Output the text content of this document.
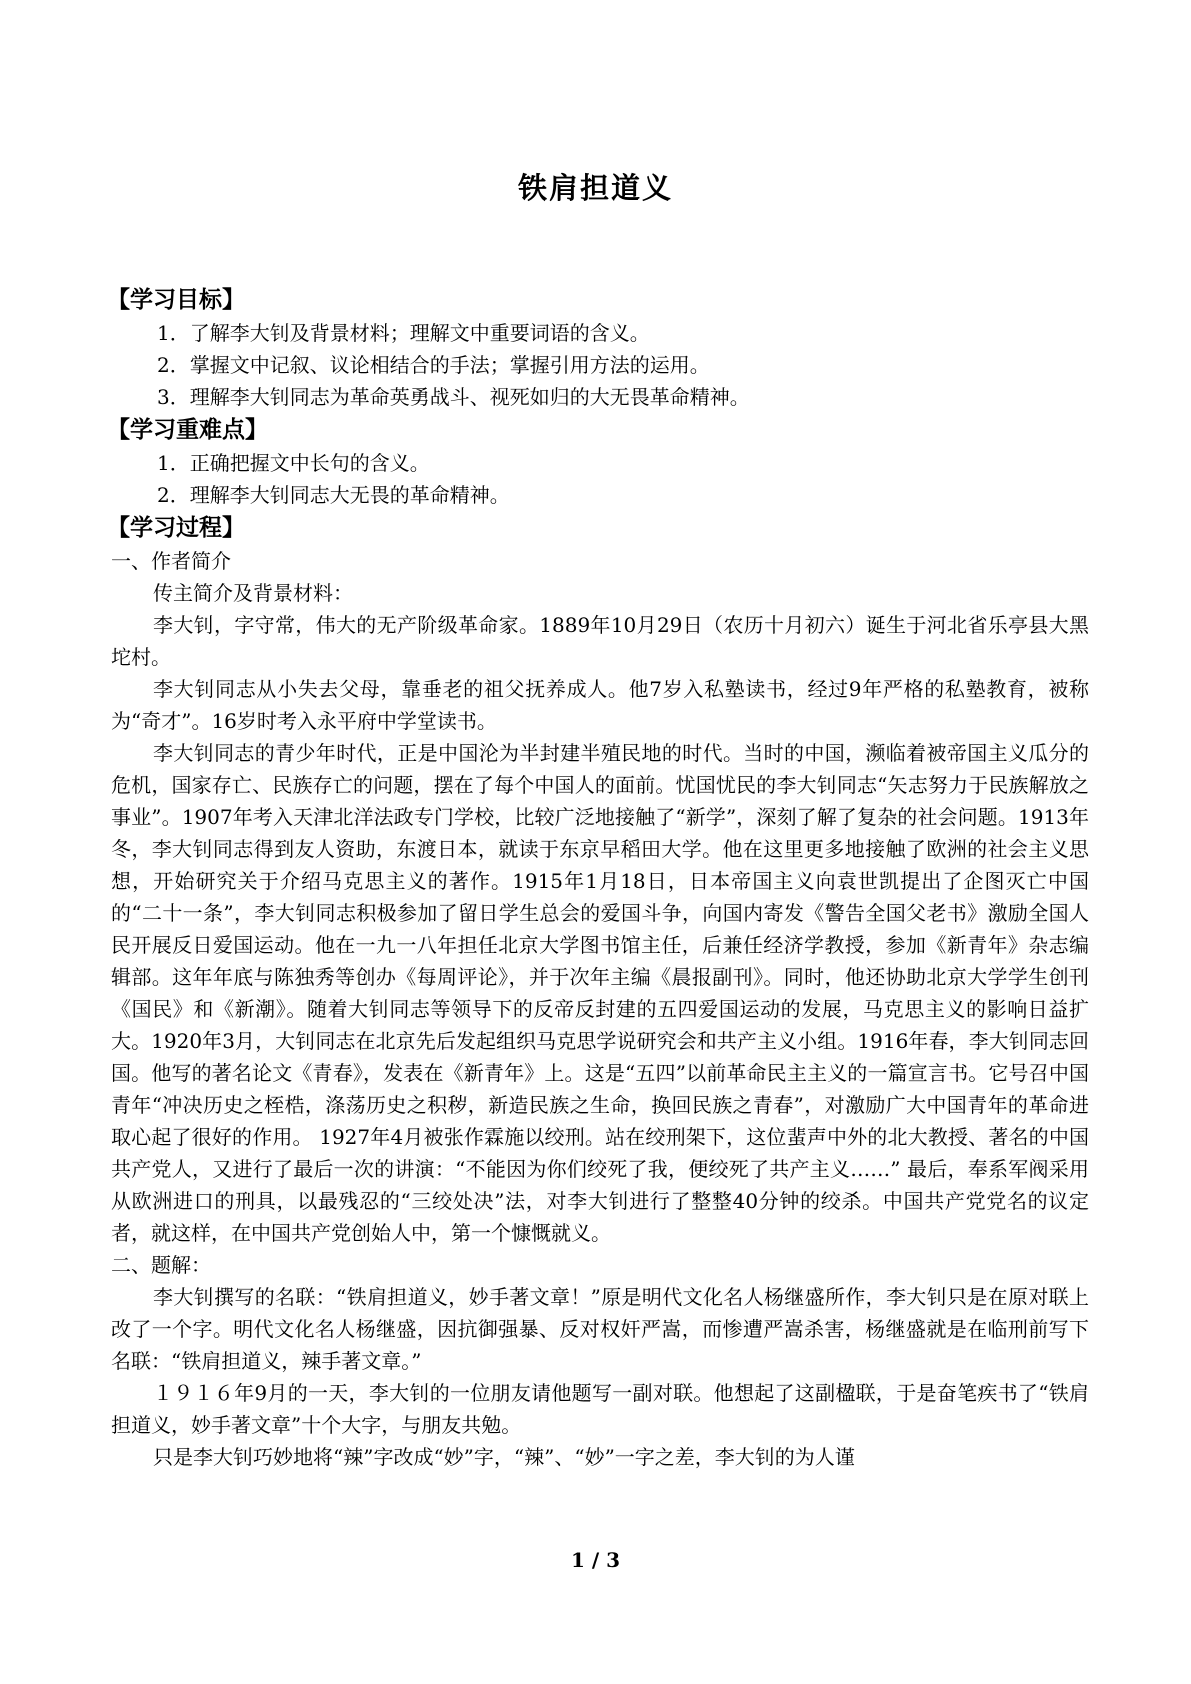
铁肩担道义
【学习目标】
1．了解李大钊及背景材料；理解文中重要词语的含义。
2．掌握文中记叙、议论相结合的手法；掌握引用方法的运用。
3．理解李大钊同志为革命英勇战斗、视死如归的大无畏革命精神。
【学习重难点】
1．正确把握文中长句的含义。
2．理解李大钊同志大无畏的革命精神。
【学习过程】
一、作者简介
传主简介及背景材料：
李大钊，字守常，伟大的无产阶级革命家。1889年10月29日（农历十月初六）诞生于河北省乐亭县大黑坨村。
李大钊同志从小失去父母，靠垂老的祖父抚养成人。他7岁入私塾读书，经过9年严格的私塾教育，被称为“奇才”。16岁时考入永平府中学堂读书。
李大钊同志的青少年时代，正是中国沦为半封建半殖民地的时代。当时的中国，濒临着被帝国主义瓜分的危机，国家存亡、民族存亡的问题，摆在了每个中国人的面前。忧国忧民的李大钊同志“矢志努力于民族解放之事业”。1907年考入天津北洋法政专门学校，比较广泛地接触了“新学”，深刻了解了复杂的社会问题。1913年冬，李大钊同志得到友人资助，东渡日本，就读于东京早稻田大学。他在这里更多地接触了欧洲的社会主义思想，开始研究关于介绍马克思主义的著作。1915年1月18日，日本帝国主义向袁世凯提出了企图灭亡中国的“二十一条”，李大钊同志积极参加了留日学生总会的爱国斗争，向国内寄发《警告全国父老书》激励全国人民开展反日爱国运动。他在一九一八年担任北京大学图书馆主任，后兼任经济学教授，参加《新青年》杂志编辑部。这年年底与陈独秀等创办《每周评论》，并于次年主编《晨报副刊》。同时，他还协助北京大学学生创刊《国民》和《新潮》。随着大钊同志等领导下的反帝反封建的五四爱国运动的发展，马克思主义的影响日益扩大。1920年3月，大钊同志在北京先后发起组织马克思学说研究会和共产主义小组。1916年春，李大钊同志回国。他写的著名论文《青春》，发表在《新青年》上。这是“五四”以前革命民主主义的一篇宣言书。它号召中国青年“冲决历史之桎梏，涤荡历史之积秽，新造民族之生命，换回民族之青春”，对激励广大中国青年的革命进取心起了很好的作用。 1927年4月被张作霖施以绞刑。站在绞刑架下，这位蜚声中外的北大教授、著名的中国共产党人，又进行了最后一次的讲演：“不能因为你们绞死了我，便绞死了共产主义……” 最后，奉系军阀采用从欧洲进口的刑具，以最残忍的“三绞处决”法，对李大钊进行了整整40分钟的绞杀。中国共产党党名的议定者，就这样，在中国共产党创始人中，第一个慷慨就义。
二、题解：
李大钊撰写的名联：“铁肩担道义，妙手著文章！”原是明代文化名人杨继盛所作，李大钊只是在原对联上改了一个字。明代文化名人杨继盛，因抗御强暴、反对权奸严嵩，而惨遭严嵩杀害，杨继盛就是在临刑前写下名联：“铁肩担道义，辣手著文章。”
１９１６年9月的一天，李大钊的一位朋友请他题写一副对联。他想起了这副楹联，于是奋笔疾书了“铁肩担道义，妙手著文章”十个大字，与朋友共勉。
只是李大钊巧妙地将“辣”字改成“妙”字，“辣”、“妙”一字之差，李大钊的为人谨
1 / 3
